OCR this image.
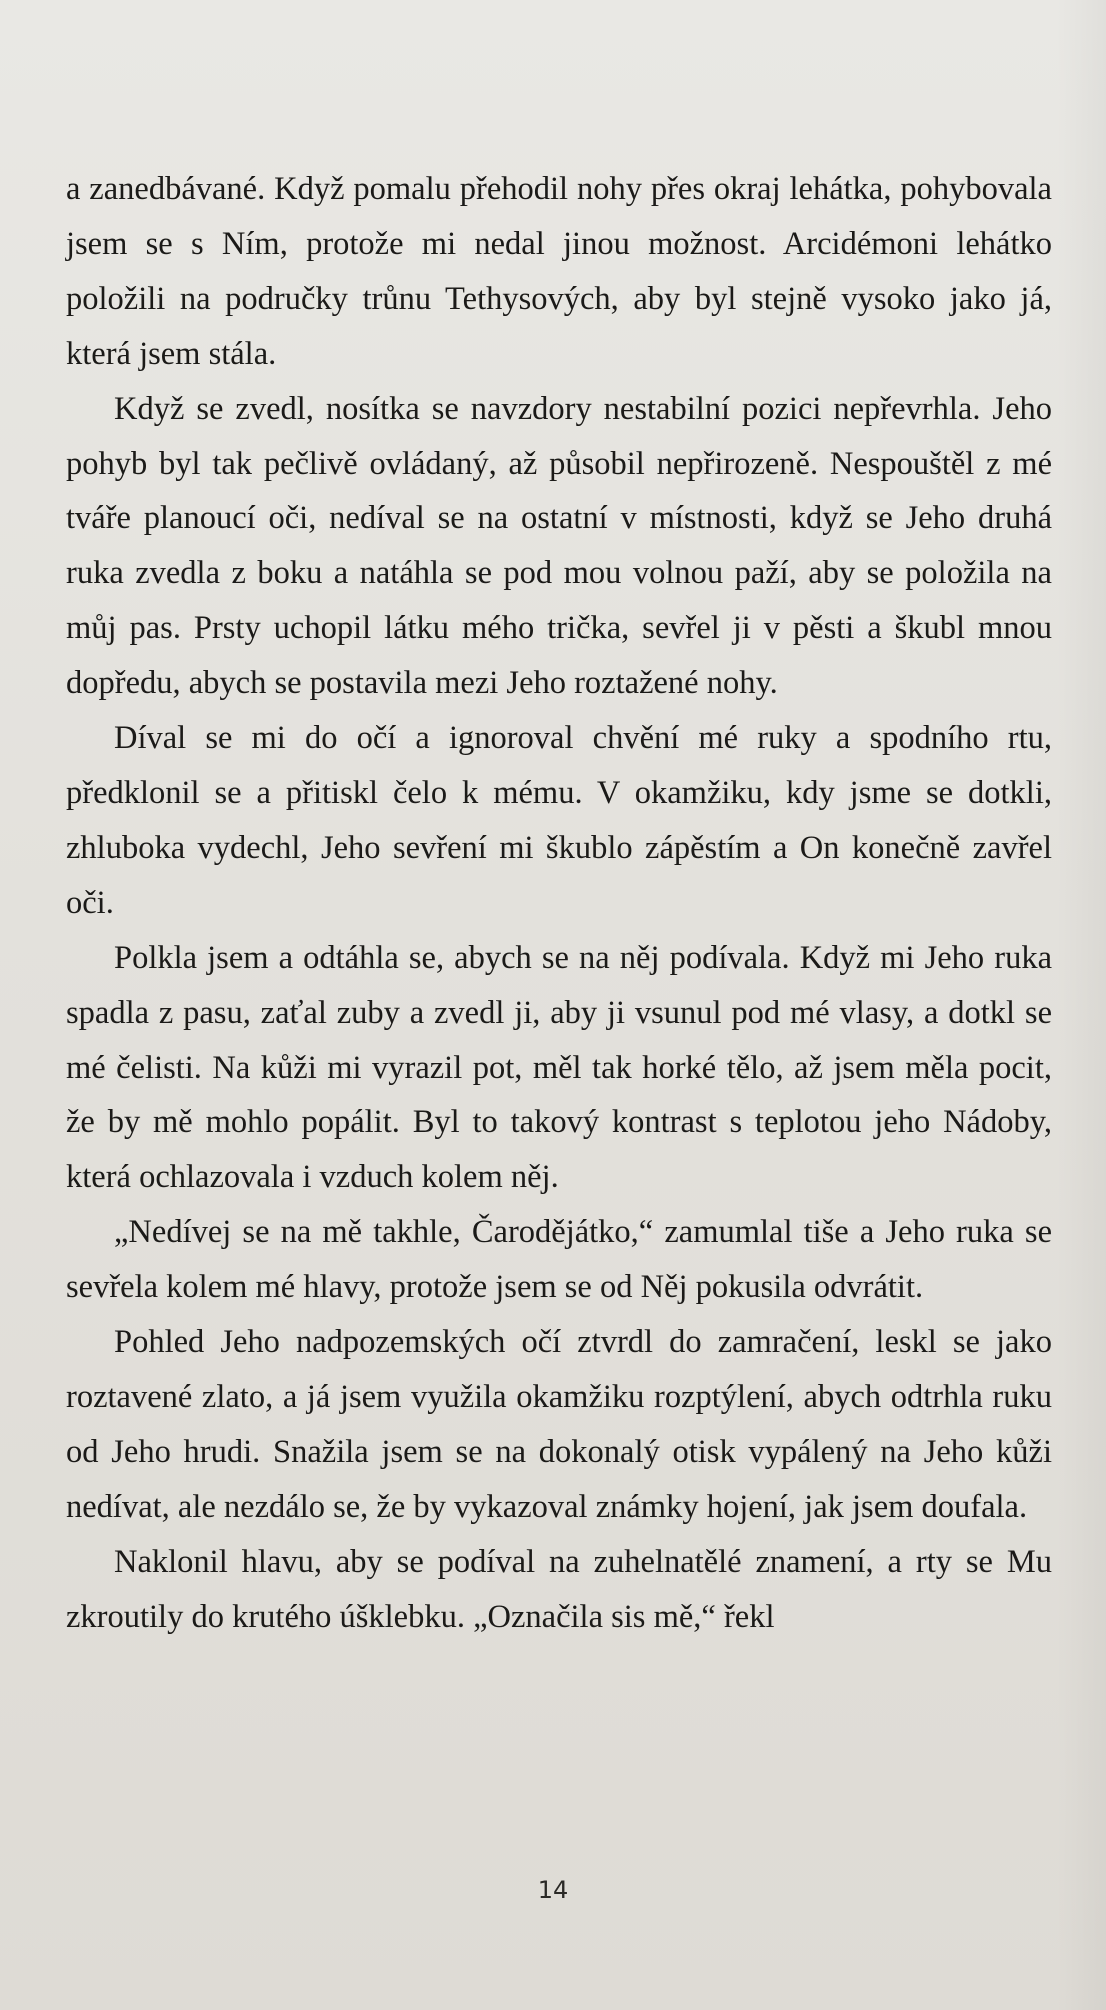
a zanedbávané. Když pomalu přehodil nohy přes okraj lehátka, pohybovala jsem se s Ním, protože mi nedal jinou možnost. Arcidémoni lehátko položili na područky trůnu Tethysových, aby byl stejně vysoko jako já, která jsem stála.

Když se zvedl, nosítka se navzdory nestabilní pozici nepřevrhla. Jeho pohyb byl tak pečlivě ovládaný, až působil nepřirozeně. Nespouštěl z mé tváře planoucí oči, nedíval se na ostatní v místnosti, když se Jeho druhá ruka zvedla z boku a natáhla se pod mou volnou paží, aby se položila na můj pas. Prsty uchopil látku mého trička, sevřel ji v pěsti a škubl mnou dopředu, abych se postavila mezi Jeho roztažené nohy.

Díval se mi do očí a ignoroval chvění mé ruky a spodního rtu, předklonil se a přitiskl čelo k mému. V okamžiku, kdy jsme se dotkli, zhluboka vydechl, Jeho sevření mi škublo zápěstím a On konečně zavřel oči.

Polkla jsem a odtáhla se, abych se na něj podívala. Když mi Jeho ruka spadla z pasu, zaťal zuby a zvedl ji, aby ji vsunul pod mé vlasy, a dotkl se mé čelisti. Na kůži mi vyrazil pot, měl tak horké tělo, až jsem měla pocit, že by mě mohlo popálit. Byl to takový kontrast s teplotou jeho Nádoby, která ochlazovala i vzduch kolem něj.

„Nedívej se na mě takhle, Čarodějátko,“ zamumlal tiše a Jeho ruka se sevřela kolem mé hlavy, protože jsem se od Něj pokusila odvrátit.

Pohled Jeho nadpozemských očí ztvrdl do zamračení, leskl se jako roztavené zlato, a já jsem využila okamžiku rozptýlení, abych odtrhla ruku od Jeho hrudi. Snažila jsem se na dokonalý otisk vypálený na Jeho kůži nedívat, ale nezdálo se, že by vykazoval známky hojení, jak jsem doufala.

Naklonil hlavu, aby se podíval na zuhelnatělé znamení, a rty se Mu zkroutily do krutého úšklebku. „Označila sis mě,“ řekl

14
